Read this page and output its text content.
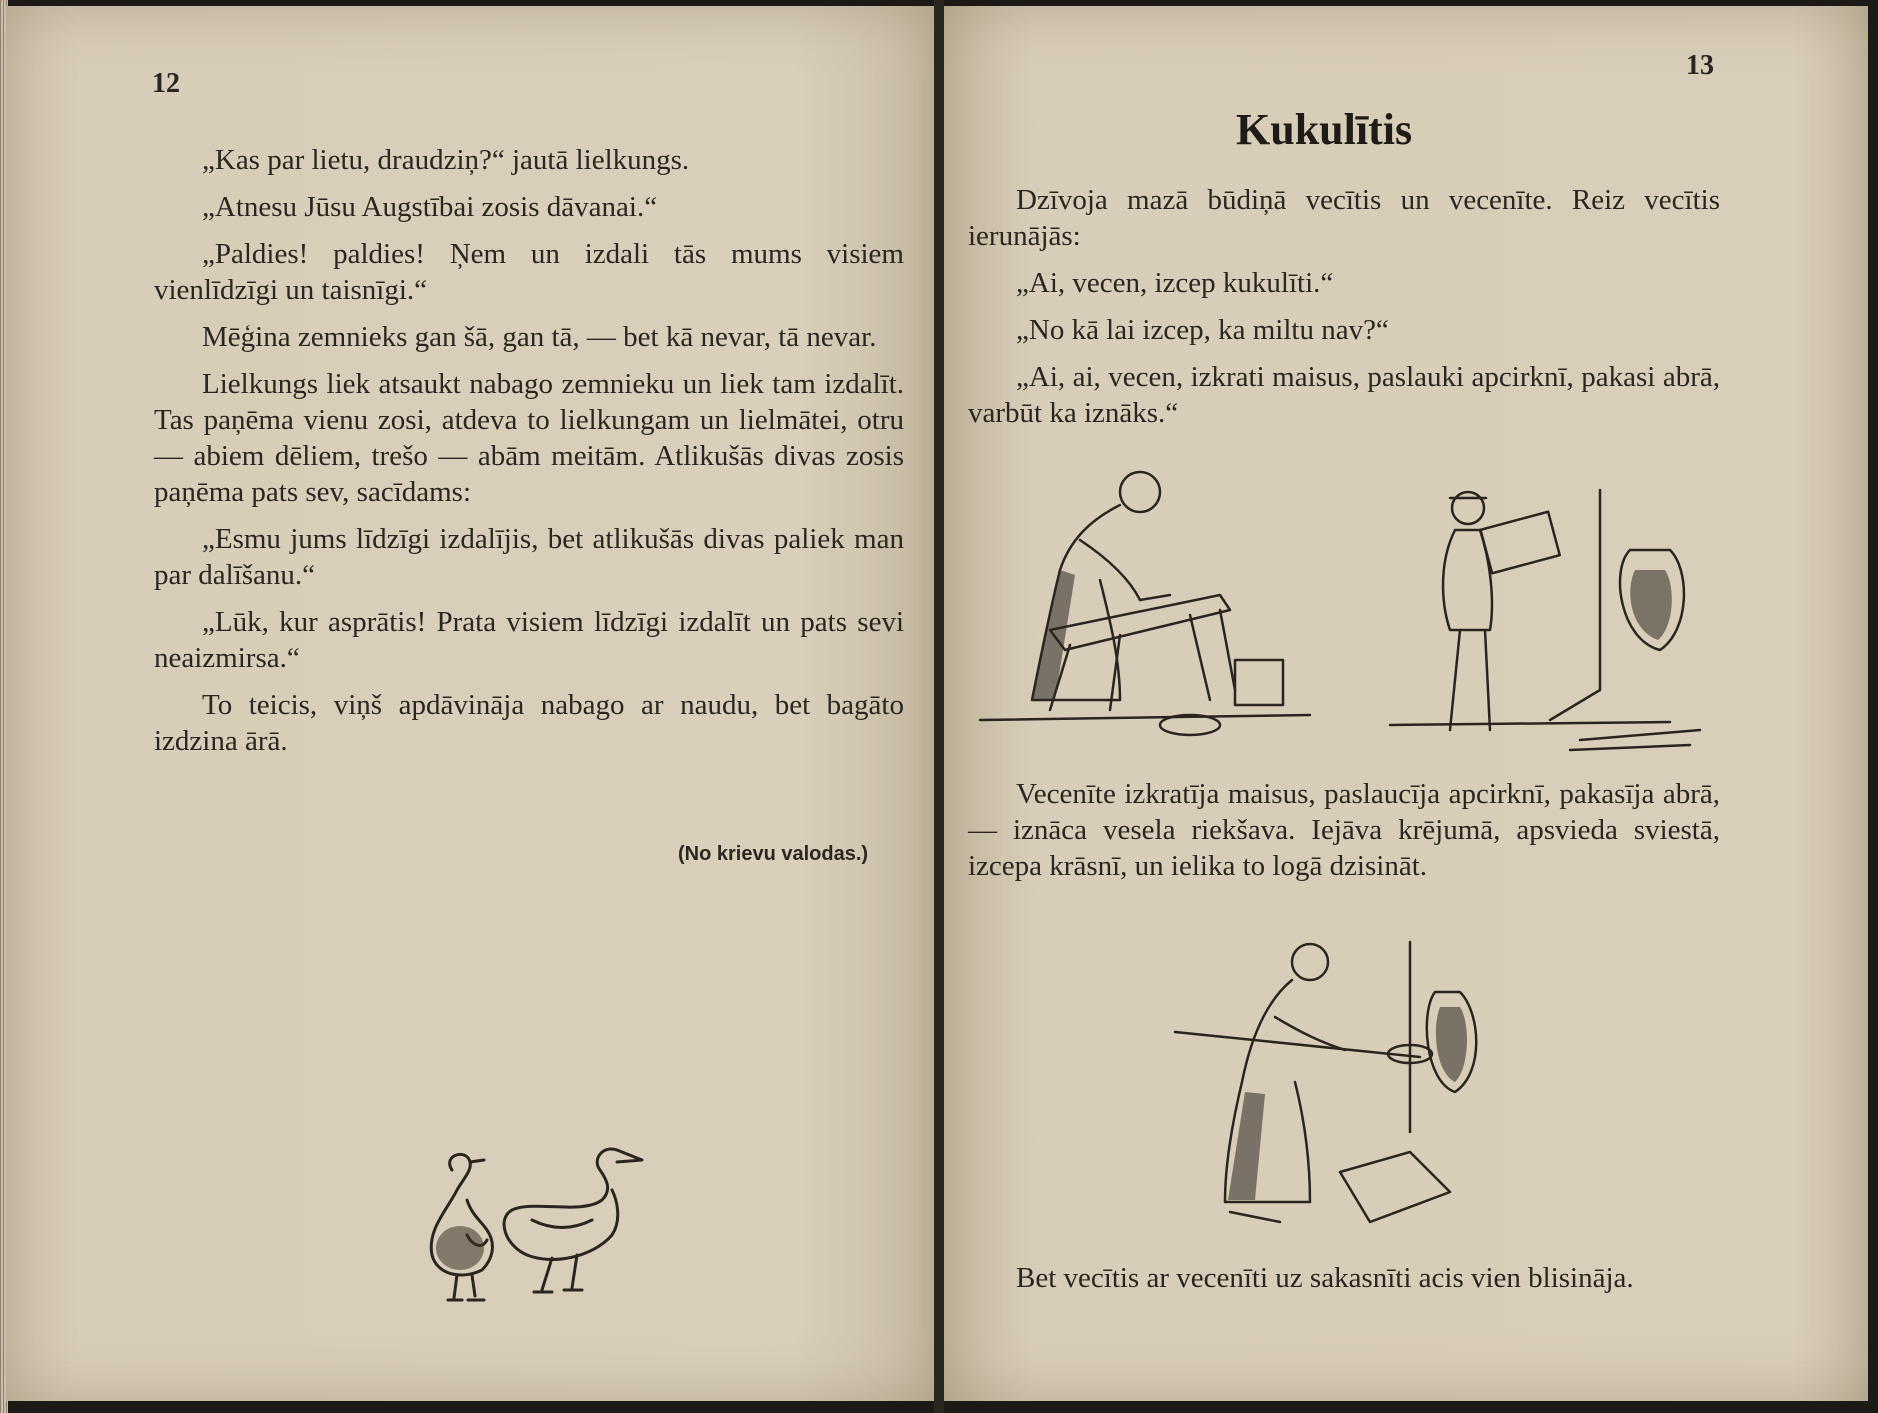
12

„Kas par lietu, draudziņ?“ jautā lielkungs.

„Atnesu Jūsu Augstībai zosis dāvanai.“

„Paldies! paldies! Ņem un izdali tās mums visiem vienlīdzīgi un taisnīgi.“

Mēģina zemnieks gan šā, gan tā, — bet kā nevar, tā nevar.

Lielkungs liek atsaukt nabago zemnieku un liek tam izdalīt. Tas paņēma vienu zosi, atdeva to lielkungam un lielmātei, otru — abiem dēliem, trešo — abām meitām. Atlikušās divas zosis paņēma pats sev, sacīdams:

„Esmu jums līdzīgi izdalījis, bet atlikušās divas paliek man par dalīšanu.“

„Lūk, kur asprātis! Prata visiem līdzīgi izdalīt un pats sevi neaizmirsa.“

To teicis, viņš apdāvināja nabago ar naudu, bet bagāto izdzina ārā.

(No krievu valodas.)
13
Kukulītis

Dzīvoja mazā būdiņā vecītis un vecenīte. Reiz vecītis ierunājās:

„Ai, vecen, izcep kukulīti.“

„No kā lai izcep, ka miltu nav?“

„Ai, ai, vecen, izkrati maisus, paslauki apcirknī, pakasi abrā, varbūt ka iznāks.“

Vecenīte izkratīja maisus, paslaucīja apcirknī, pakasīja abrā, — iznāca vesela riekšava. Iejāva krējumā, apsvieda sviestā, izcepa krāsnī, un ielika to logā dzisināt.

Bet vecītis ar vecenīti uz sakasnīti acis vien blisināja.
